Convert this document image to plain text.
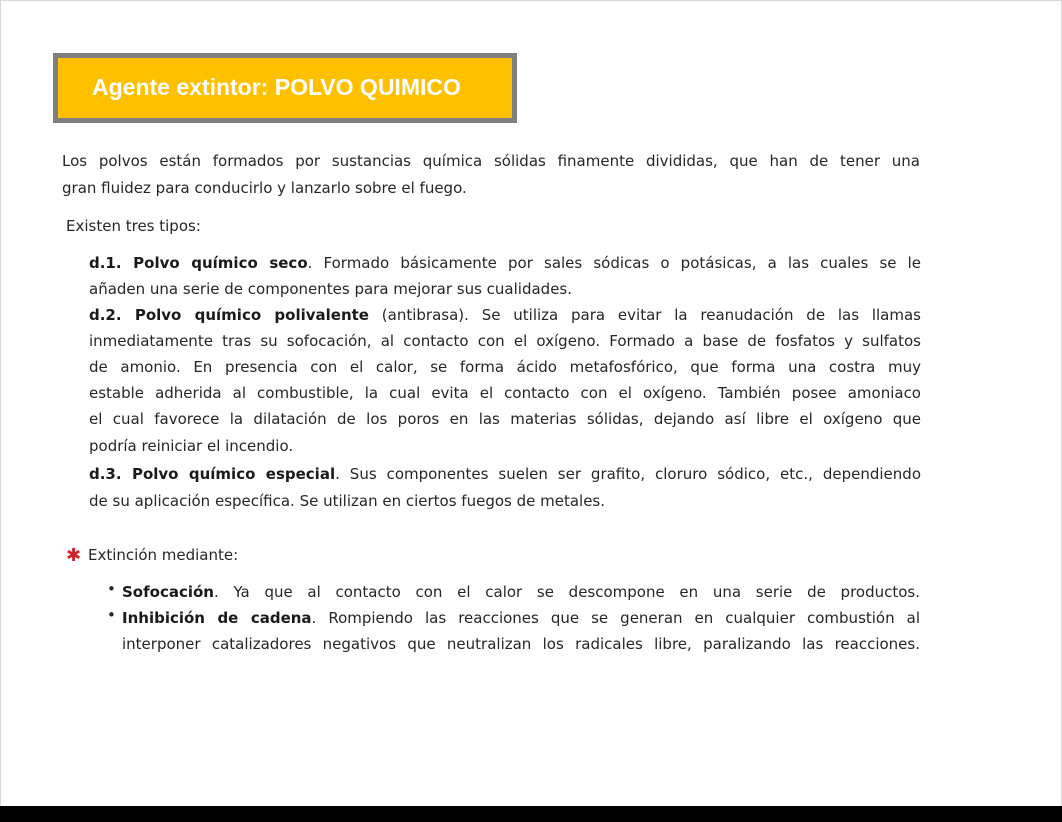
Agente extintor: POLVO QUIMICO
Los polvos están formados por sustancias química sólidas finamente divididas, que han de tener una
gran fluidez para conducirlo y lanzarlo sobre el fuego.
Existen tres tipos:
d.1. Polvo químico seco. Formado básicamente por sales sódicas o potásicas, a las cuales se le
añaden una serie de componentes para mejorar sus cualidades.
d.2. Polvo químico polivalente (antibrasa). Se utiliza para evitar la reanudación de las llamas
inmediatamente tras su sofocación, al contacto con el oxígeno. Formado a base de fosfatos y sulfatos
de amonio. En presencia con el calor, se forma ácido metafosfórico, que forma una costra muy
estable adherida al combustible, la cual evita el contacto con el oxígeno. También posee amoniaco
el cual favorece la dilatación de los poros en las materias sólidas, dejando así libre el oxígeno que
podría reiniciar el incendio.
d.3. Polvo químico especial. Sus componentes suelen ser grafito, cloruro sódico, etc., dependiendo
de su aplicación específica. Se utilizan en ciertos fuegos de metales.
✱ Extinción mediante:
• Sofocación. Ya que al contacto con el calor se descompone en una serie de productos.
• Inhibición de cadena. Rompiendo las reacciones que se generan en cualquier combustión al
interponer catalizadores negativos que neutralizan los radicales libre, paralizando las reacciones.
